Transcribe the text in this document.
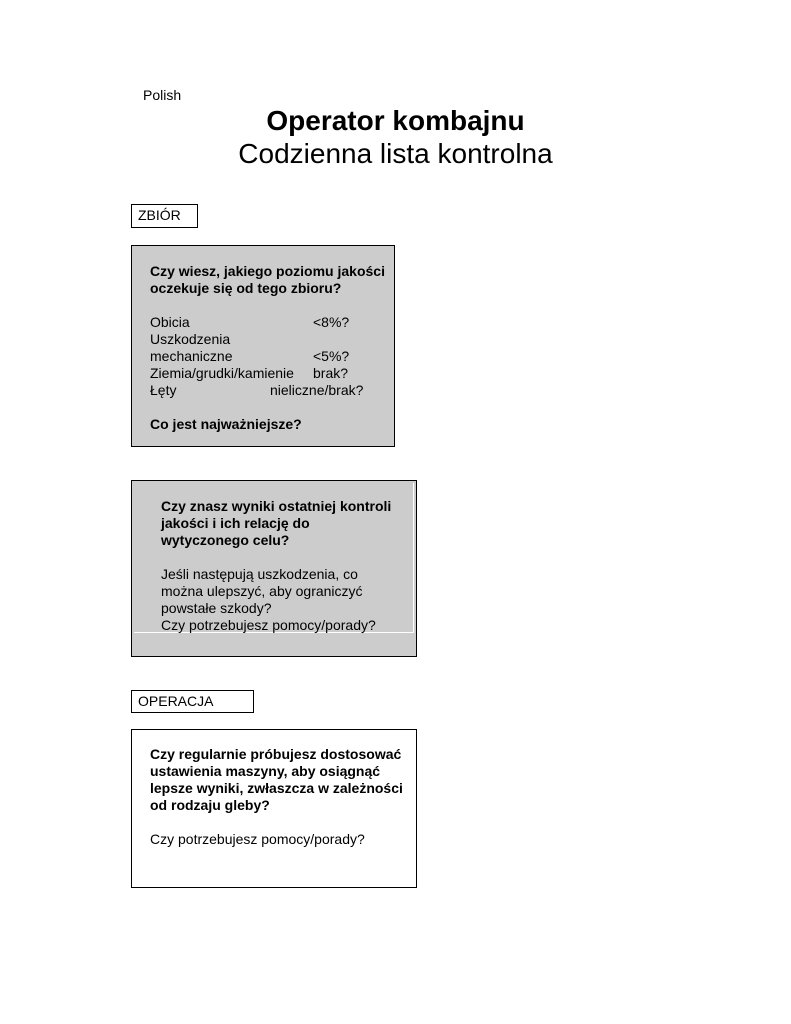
Polish
Operator kombajnu
Codzienna lista kontrolna
ZBIÓR

Czy wiesz, jakiego poziomu jakości

oczekuje się od tego zbioru?

Obicia	<8%?
Uszkodzenia
mechaniczne	<5%?
Ziemia/grudki/kamienie brak?
Łęty	nieliczne/brak?

Co jest najważniejsze?

Czy znasz wyniki ostatniej kontroli

jakości i ich relację do

wytyczonego celu?

Jeśli następują uszkodzenia, co

można ulepszyć, aby ograniczyć

powstałe szkody?

Czy potrzebujesz pomocy/porady?

OPERACJA

Czy regularnie próbujesz dostosować

ustawienia maszyny, aby osiągnąć

lepsze wyniki, zwłaszcza w zależności

od rodzaju gleby?

Czy potrzebujesz pomocy/porady?
